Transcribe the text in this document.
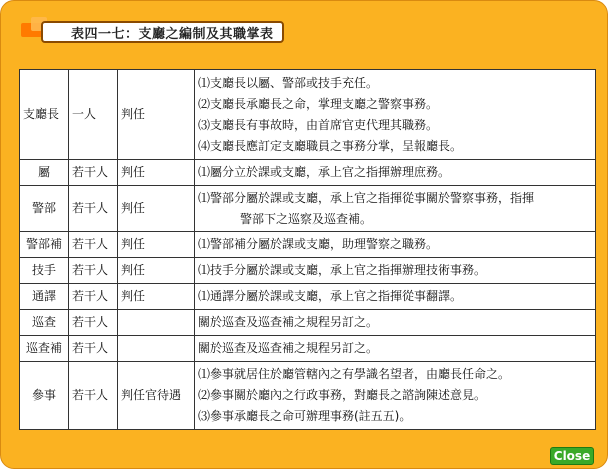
表四一七：支廳之編制及其職掌表
支廳長	一人	判任	⑴支廳長以屬、警部或技手充任。
⑵支廳長承廳長之命，掌理支廳之警察事務。
⑶支廳長有事故時，由首席官吏代理其職務。
⑷支廳長應訂定支廳職員之事務分掌，呈報廳長。

屬	若干人	判任	⑴屬分立於課或支廳，承上官之指揮辦理庶務。

警部	若干人	判任	⑴警部分屬於課或支廳，承上官之指揮從事關於警察事務，指揮
警部下之巡察及巡查補。

警部補	若干人	判任	⑴警部補分屬於課或支廳，助理警察之職務。

技手	若干人	判任	⑴技手分屬於課或支廳，承上官之指揮辦理技術事務。

通譯	若干人	判任	⑴通譯分屬於課或支廳，承上官之指揮從事翻譯。

巡查	若干人		關於巡查及巡查補之規程另訂之。

巡查補	若干人		關於巡查及巡查補之規程另訂之。

參事	若干人	判任官待遇	⑴參事就居住於廳管轄內之有學識名望者，由廳長任命之。
⑵參事關於廳內之行政事務，對廳長之諮詢陳述意見。
⑶參事承廳長之命可辦理事務(註五五)。
Close
